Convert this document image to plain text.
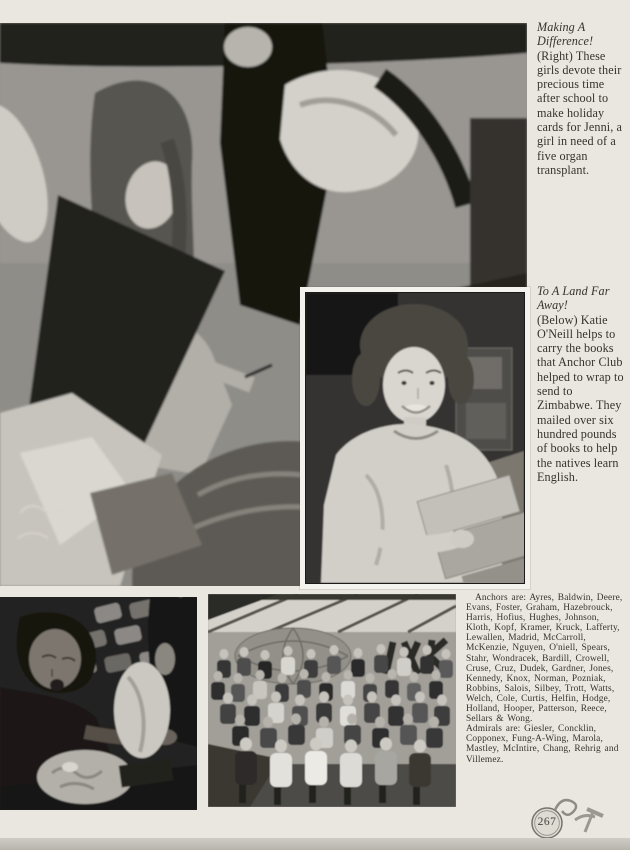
Making A Difference!
(Right) These girls devote their precious time after school to make holiday cards for Jenni, a girl in need of a five organ transplant.
To A Land Far Away!
(Below) Katie O'Neill helps to carry the books that Anchor Club helped to wrap to send to Zimbabwe. They mailed over six hundred pounds of books to help the natives learn English.

Anchors are: Ayres, Baldwin, Deere, Evans, Foster, Graham, Hazebrouck, Harris, Hofius, Hughes, Johnson, Kloth, Kopf, Kramer, Kruck, Lafferty, Lewallen, Madrid, McCarroll, McKenzie, Nguyen, O'niell, Spears, Stahr, Wondracek, Bardill, Crowell, Cruse, Cruz, Dudek, Gardner, Jones, Kennedy, Knox, Norman, Pozniak, Robbins, Salois, Silbey, Trott, Watts, Welch, Cole, Curtis, Helfin, Hodge, Holland, Hooper, Patterson, Reece, Sellars & Wong.

Admirals are: Giesler, Concklin, Copponex, Fung-A-Wing, Marola, Mastley, McIntire, Chang, Rehrig and Villemez.

267
